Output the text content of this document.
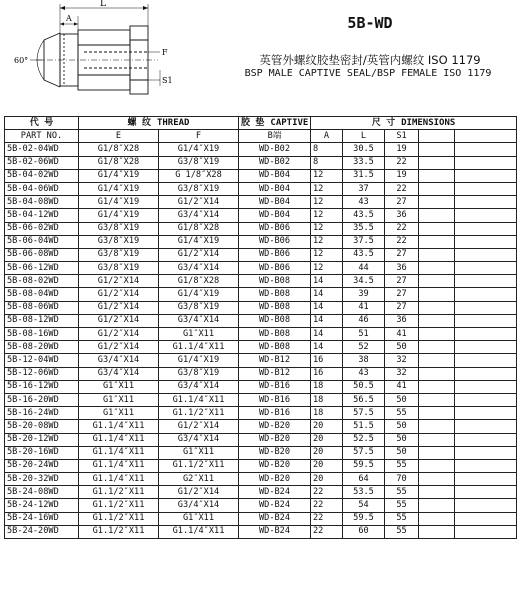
L
A
60°
F
S1
5B-WD
英管外螺纹胶垫密封/英管内螺纹 ISO 1179
BSP MALE CAPTIVE SEAL/BSP FEMALE ISO 1179
代 号	螺 纹 THREAD		胶 垫 CAPTIVE	尺 寸 DIMENSIONS				
PART NO.	E	F	B端	A	L	S1		
5B-02-04WD	G1/8″X28	G1/4″X19	WD-B02	8	30.5	19		
5B-02-06WD	G1/8″X28	G3/8″X19	WD-B02	8	33.5	22		
5B-04-02WD	G1/4″X19	G 1/8″X28	WD-B04	12	31.5	19		
5B-04-06WD	G1/4″X19	G3/8″X19	WD-B04	12	37	22		
5B-04-08WD	G1/4″X19	G1/2″X14	WD-B04	12	43	27		
5B-04-12WD	G1/4″X19	G3/4″X14	WD-B04	12	43.5	36		
5B-06-02WD	G3/8″X19	G1/8″X28	WD-B06	12	35.5	22		
5B-06-04WD	G3/8″X19	G1/4″X19	WD-B06	12	37.5	22		
5B-06-08WD	G3/8″X19	G1/2″X14	WD-B06	12	43.5	27		
5B-06-12WD	G3/8″X19	G3/4″X14	WD-B06	12	44	36		
5B-08-02WD	G1/2″X14	G1/8″X28	WD-B08	14	34.5	27		
5B-08-04WD	G1/2″X14	G1/4″X19	WD-B08	14	39	27		
5B-08-06WD	G1/2″X14	G3/8″X19	WD-B08	14	41	27		
5B-08-12WD	G1/2″X14	G3/4″X14	WD-B08	14	46	36		
5B-08-16WD	G1/2″X14	G1″X11	WD-B08	14	51	41		
5B-08-20WD	G1/2″X14	G1.1/4″X11	WD-B08	14	52	50		
5B-12-04WD	G3/4″X14	G1/4″X19	WD-B12	16	38	32		
5B-12-06WD	G3/4″X14	G3/8″X19	WD-B12	16	43	32		
5B-16-12WD	G1″X11	G3/4″X14	WD-B16	18	50.5	41		
5B-16-20WD	G1″X11	G1.1/4″X11	WD-B16	18	56.5	50		
5B-16-24WD	G1″X11	G1.1/2″X11	WD-B16	18	57.5	55		
5B-20-08WD	G1.1/4″X11	G1/2″X14	WD-B20	20	51.5	50		
5B-20-12WD	G1.1/4″X11	G3/4″X14	WD-B20	20	52.5	50		
5B-20-16WD	G1.1/4″X11	G1″X11	WD-B20	20	57.5	50		
5B-20-24WD	G1.1/4″X11	G1.1/2″X11	WD-B20	20	59.5	55		
5B-20-32WD	G1.1/4″X11	G2″X11	WD-B20	20	64	70		
5B-24-08WD	G1.1/2″X11	G1/2″X14	WD-B24	22	53.5	55		
5B-24-12WD	G1.1/2″X11	G3/4″X14	WD-B24	22	54	55		
5B-24-16WD	G1.1/2″X11	G1″X11	WD-B24	22	59.5	55		
5B-24-20WD	G1.1/2″X11	G1.1/4″X11	WD-B24	22	60	55		
